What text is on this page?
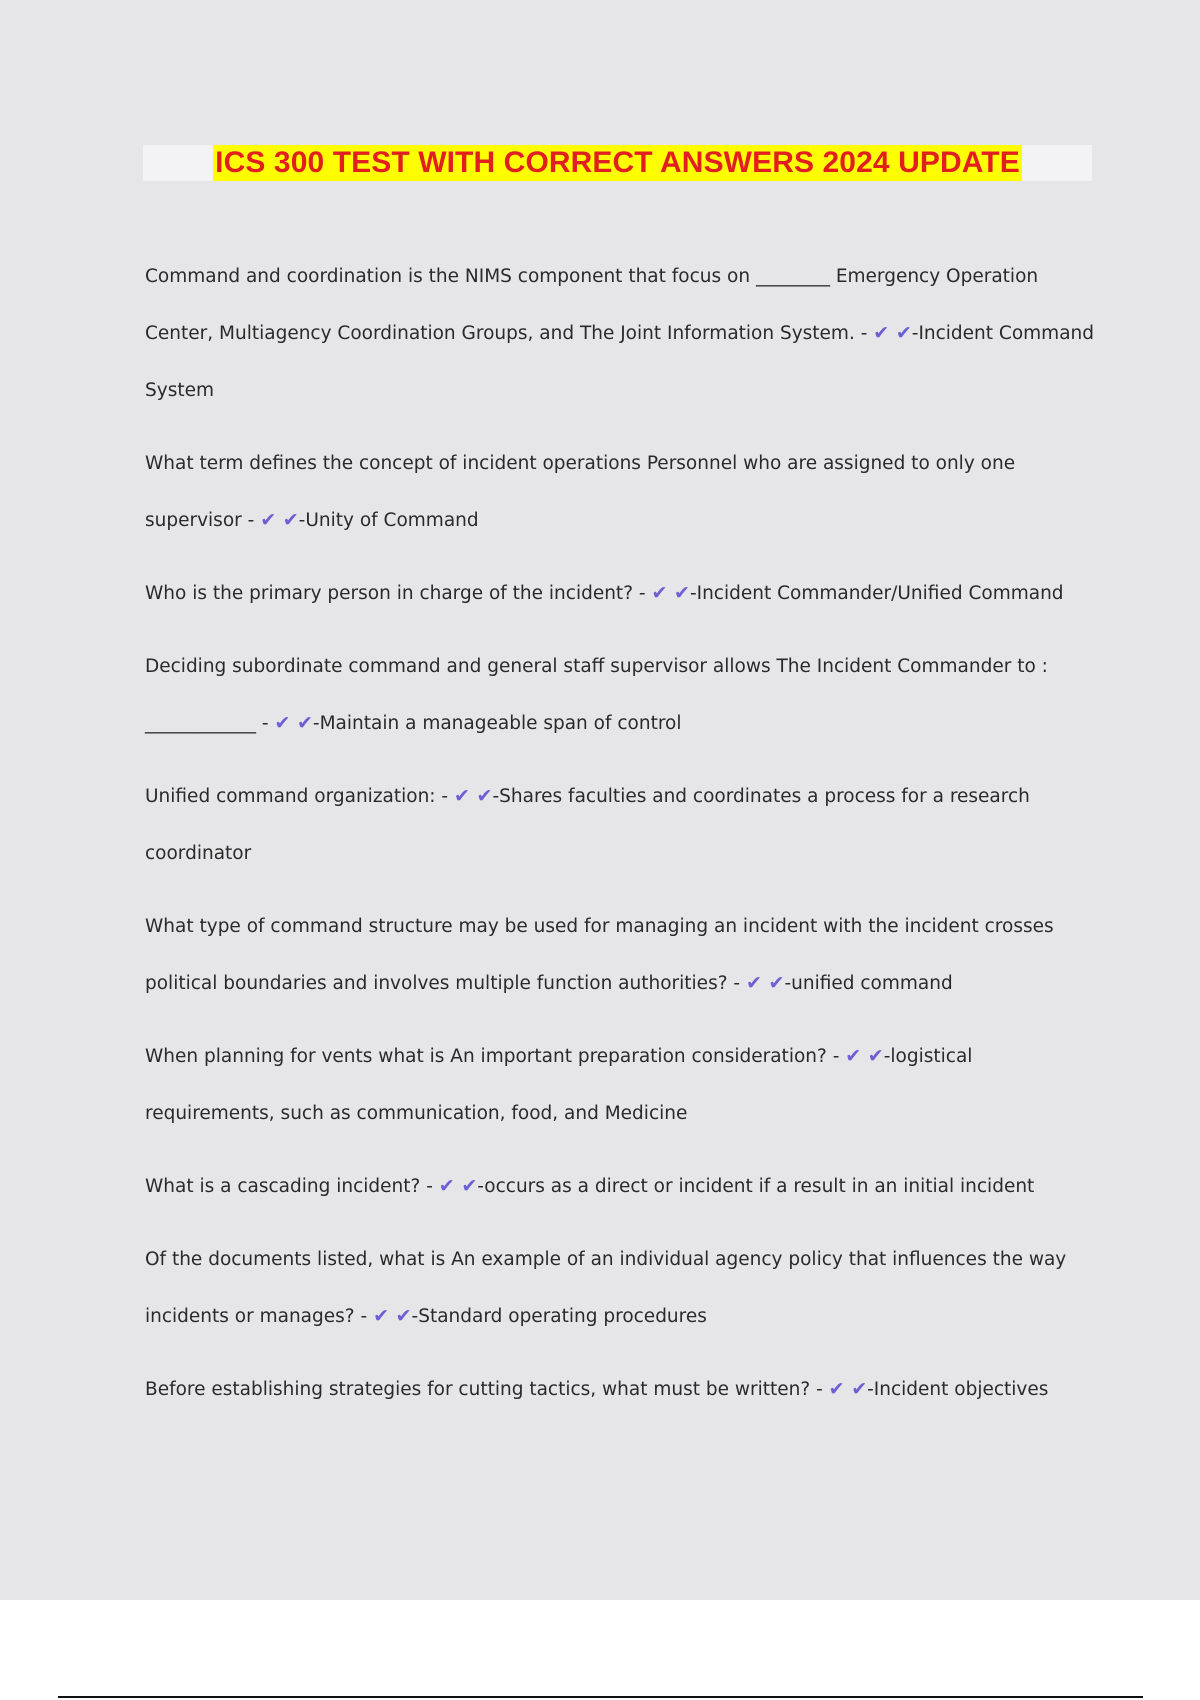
ICS 300 TEST WITH CORRECT ANSWERS 2024 UPDATE

Command and coordination is the NIMS component that focus on ________ Emergency Operation Center, Multiagency Coordination Groups, and The Joint Information System. - ✔ ✔-Incident Command System

What term defines the concept of incident operations Personnel who are assigned to only one supervisor - ✔ ✔-Unity of Command

Who is the primary person in charge of the incident? - ✔ ✔-Incident Commander/Unified Command

Deciding subordinate command and general staff supervisor allows The Incident Commander to : ____________ - ✔ ✔-Maintain a manageable span of control

Unified command organization: - ✔ ✔-Shares faculties and coordinates a process for a research coordinator

What type of command structure may be used for managing an incident with the incident crosses political boundaries and involves multiple function authorities? - ✔ ✔-unified command

When planning for vents what is An important preparation consideration? - ✔ ✔-logistical requirements, such as communication, food, and Medicine

What is a cascading incident? - ✔ ✔-occurs as a direct or incident if a result in an initial incident

Of the documents listed, what is An example of an individual agency policy that influences the way incidents or manages? - ✔ ✔-Standard operating procedures

Before establishing strategies for cutting tactics, what must be written? - ✔ ✔-Incident objectives
